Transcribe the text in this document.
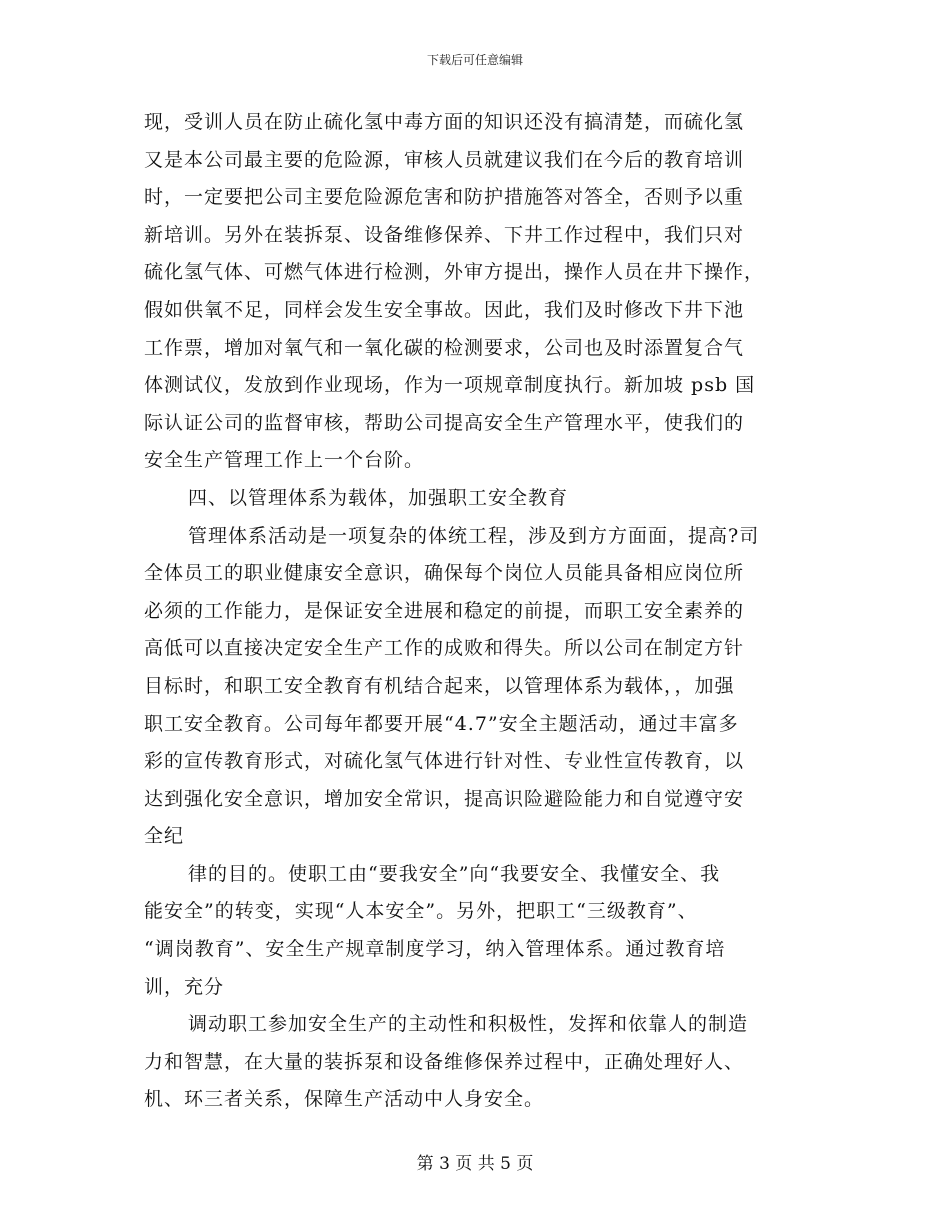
下载后可任意编辑
现，受训人员在防止硫化氢中毒方面的知识还没有搞清楚，而硫化氢
又是本公司最主要的危险源，审核人员就建议我们在今后的教育培训
时，一定要把公司主要危险源危害和防护措施答对答全，否则予以重
新培训。另外在装拆泵、设备维修保养、下井工作过程中，我们只对
硫化氢气体、可燃气体进行检测，外审方提出，操作人员在井下操作，
假如供氧不足，同样会发生安全事故。因此，我们及时修改下井下池
工作票，增加对氧气和一氧化碳的检测要求，公司也及时添置复合气
体测试仪，发放到作业现场，作为一项规章制度执行。新加坡 psb 国
际认证公司的监督审核，帮助公司提高安全生产管理水平，使我们的
安全生产管理工作上一个台阶。
四、以管理体系为载体，加强职工安全教育
管理体系活动是一项复杂的体统工程，涉及到方方面面，提高?司
全体员工的职业健康安全意识，确保每个岗位人员能具备相应岗位所
必须的工作能力，是保证安全进展和稳定的前提，而职工安全素养的
高低可以直接决定安全生产工作的成败和得失。所以公司在制定方针
目标时，和职工安全教育有机结合起来，以管理体系为载体，，加强
职工安全教育。公司每年都要开展“4.7”安全主题活动，通过丰富多
彩的宣传教育形式，对硫化氢气体进行针对性、专业性宣传教育，以
达到强化安全意识，增加安全常识，提高识险避险能力和自觉遵守安
全纪
律的目的。使职工由“要我安全”向“我要安全、我懂安全、我
能安全”的转变，实现“人本安全”。另外，把职工“三级教育”、
“调岗教育”、安全生产规章制度学习，纳入管理体系。通过教育培
训，充分
调动职工参加安全生产的主动性和积极性，发挥和依靠人的制造
力和智慧，在大量的装拆泵和设备维修保养过程中，正确处理好人、
机、环三者关系，保障生产活动中人身安全。
第 3 页 共 5 页
